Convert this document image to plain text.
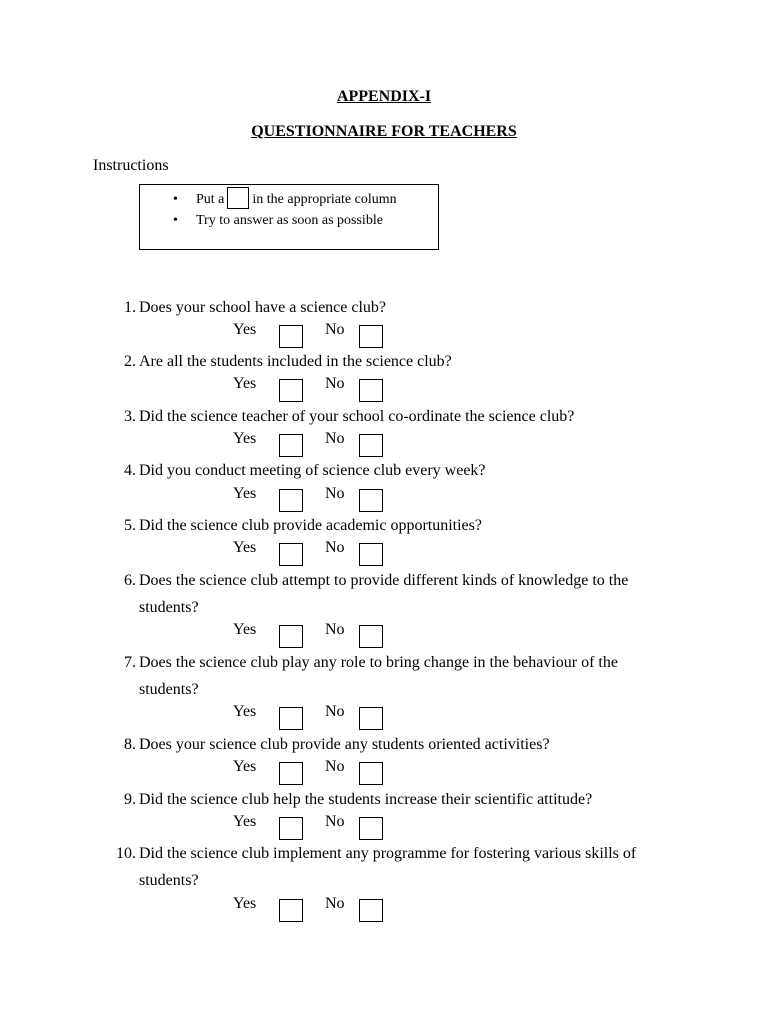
APPENDIX-I
QUESTIONNAIRE FOR TEACHERS
Instructions
• Put a in the appropriate column
• Try to answer as soon as possible
1. Does your school have a science club?
Yes	No
2. Are all the students included in the science club?
Yes	No
3. Did the science teacher of your school co-ordinate the science club?
Yes	No
4. Did you conduct meeting of science club every week?
Yes	No
5. Did the science club provide academic opportunities?
Yes	No
6. Does the science club attempt to provide different kinds of knowledge to the
students?
Yes	No
7. Does the science club play any role to bring change in the behaviour of the
students?
Yes	No
8. Does your science club provide any students oriented activities?
Yes	No
9. Did the science club help the students increase their scientific attitude?
Yes	No
10. Did the science club implement any programme for fostering various skills of
students?
Yes	No
